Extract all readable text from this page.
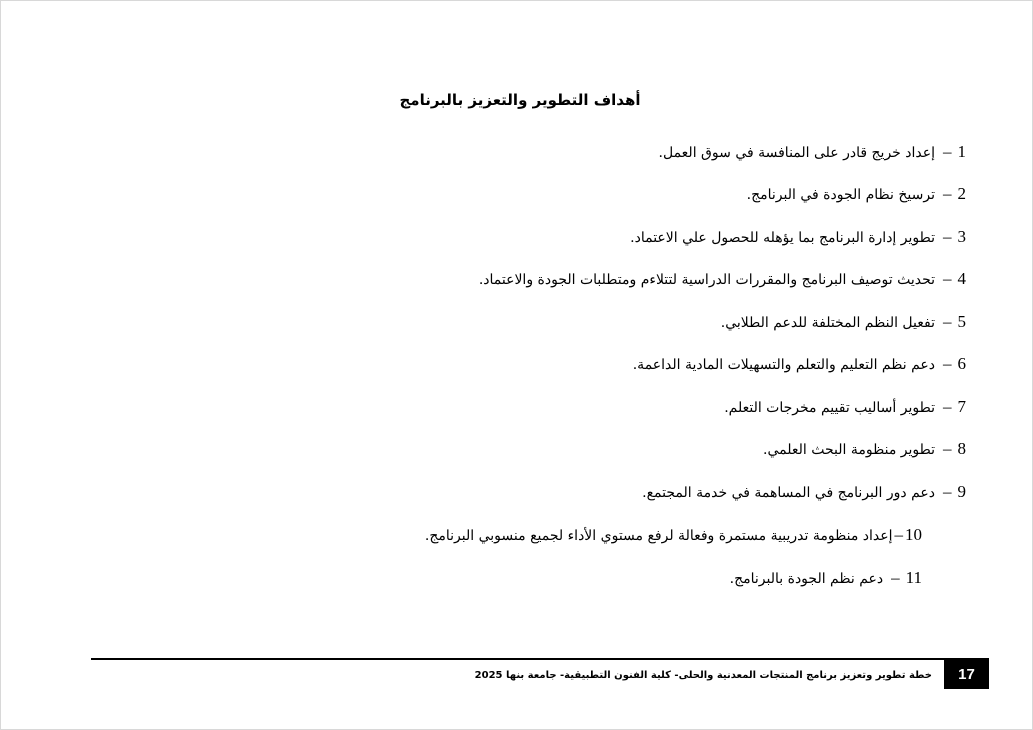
أهداف التطوير والتعزيز بالبرنامج
1–إعداد خريج قادر على المنافسة في سوق العمل.
2–ترسيخ نظام الجودة في البرنامج.
3–تطوير إدارة البرنامج بما يؤهله للحصول علي الاعتماد.
4–تحديث توصيف البرنامج والمقررات الدراسية لتتلاءم ومتطلبات الجودة والاعتماد.
5–تفعيل النظم المختلفة للدعم الطلابي.
6–دعم نظم التعليم والتعلم والتسهيلات المادية الداعمة.
7–تطوير أساليب تقييم مخرجات التعلم.
8–تطوير منظومة البحث العلمي.
9–دعم دور البرنامج في المساهمة في خدمة المجتمع.
10–إعداد منظومة تدريبية مستمرة وفعالة لرفع مستوي الأداء لجميع منسوبي البرنامج.
11–دعم نظم الجودة بالبرنامج.
خطة تطوير وتعزيز برنامج المنتجات المعدنية والحلى- كلية الفنون التطبيقية- جامعة بنها 2025	17
